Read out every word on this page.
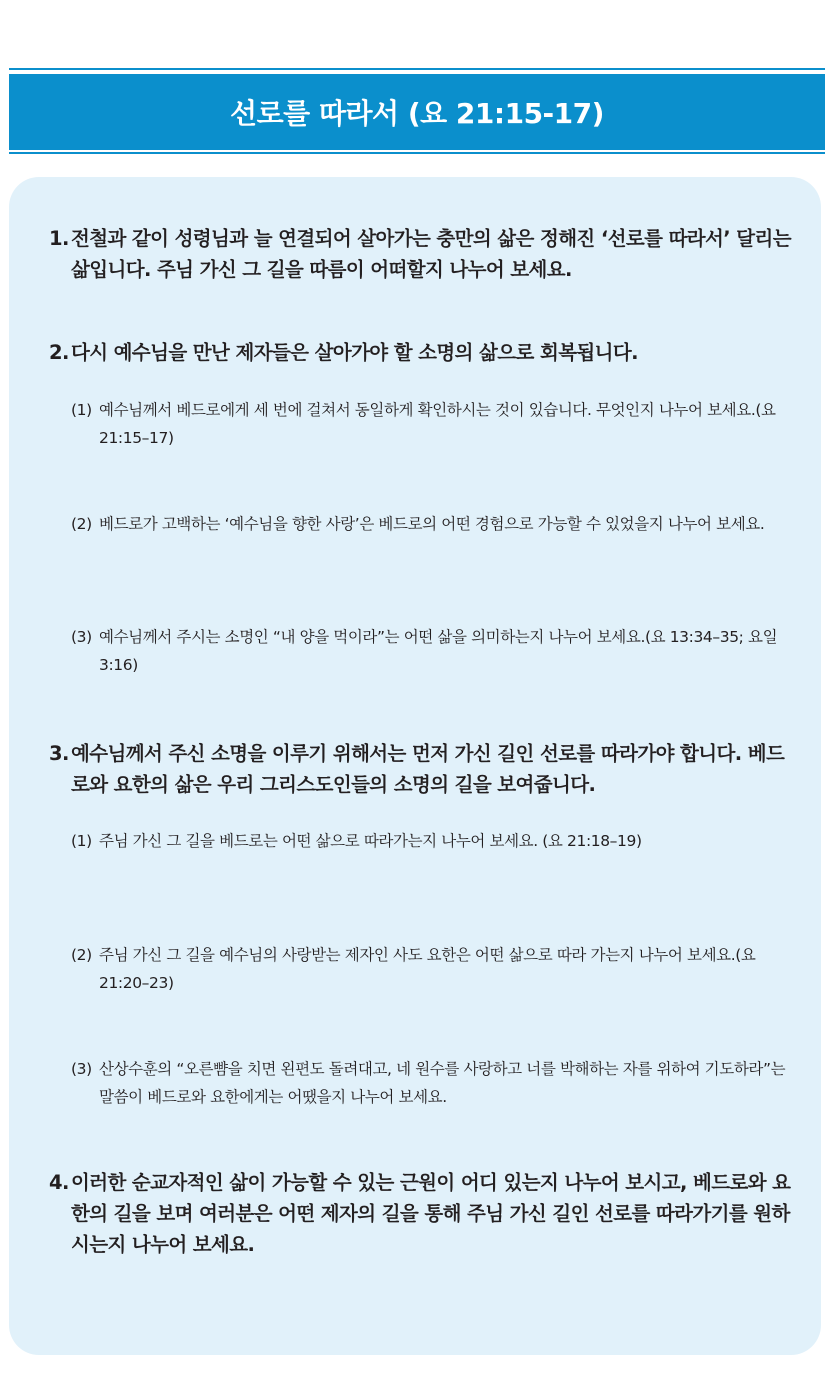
선로를 따라서 (요 21:15-17)
1. 전철과 같이 성령님과 늘 연결되어 살아가는 충만의 삶은 정해진 ‘선로를 따라서’ 달리는 삶입니다. 주님 가신 그 길을 따름이 어떠할지 나누어 보세요.
2. 다시 예수님을 만난 제자들은 살아가야 할 소명의 삶으로 회복됩니다.
(1) 예수님께서 베드로에게 세 번에 걸쳐서 동일하게 확인하시는 것이 있습니다. 무엇인지 나누어 보세요.(요 21:15–17)
(2) 베드로가 고백하는 ‘예수님을 향한 사랑’은 베드로의 어떤 경험으로 가능할 수 있었을지 나누어 보세요.
(3) 예수님께서 주시는 소명인 “내 양을 먹이라”는 어떤 삶을 의미하는지 나누어 보세요.(요 13:34–35; 요일 3:16)
3. 예수님께서 주신 소명을 이루기 위해서는 먼저 가신 길인 선로를 따라가야 합니다. 베드로와 요한의 삶은 우리 그리스도인들의 소명의 길을 보여줍니다.
(1) 주님 가신 그 길을 베드로는 어떤 삶으로 따라가는지 나누어 보세요. (요 21:18–19)
(2) 주님 가신 그 길을 예수님의 사랑받는 제자인 사도 요한은 어떤 삶으로 따라 가는지 나누어 보세요.(요 21:20–23)
(3) 산상수훈의 “오른뺨을 치면 왼편도 돌려대고, 네 원수를 사랑하고 너를 박해하는 자를 위하여 기도하라”는 말씀이 베드로와 요한에게는 어땠을지 나누어 보세요.
4. 이러한 순교자적인 삶이 가능할 수 있는 근원이 어디 있는지 나누어 보시고, 베드로와 요한의 길을 보며 여러분은 어떤 제자의 길을 통해 주님 가신 길인 선로를 따라가기를 원하시는지 나누어 보세요.
